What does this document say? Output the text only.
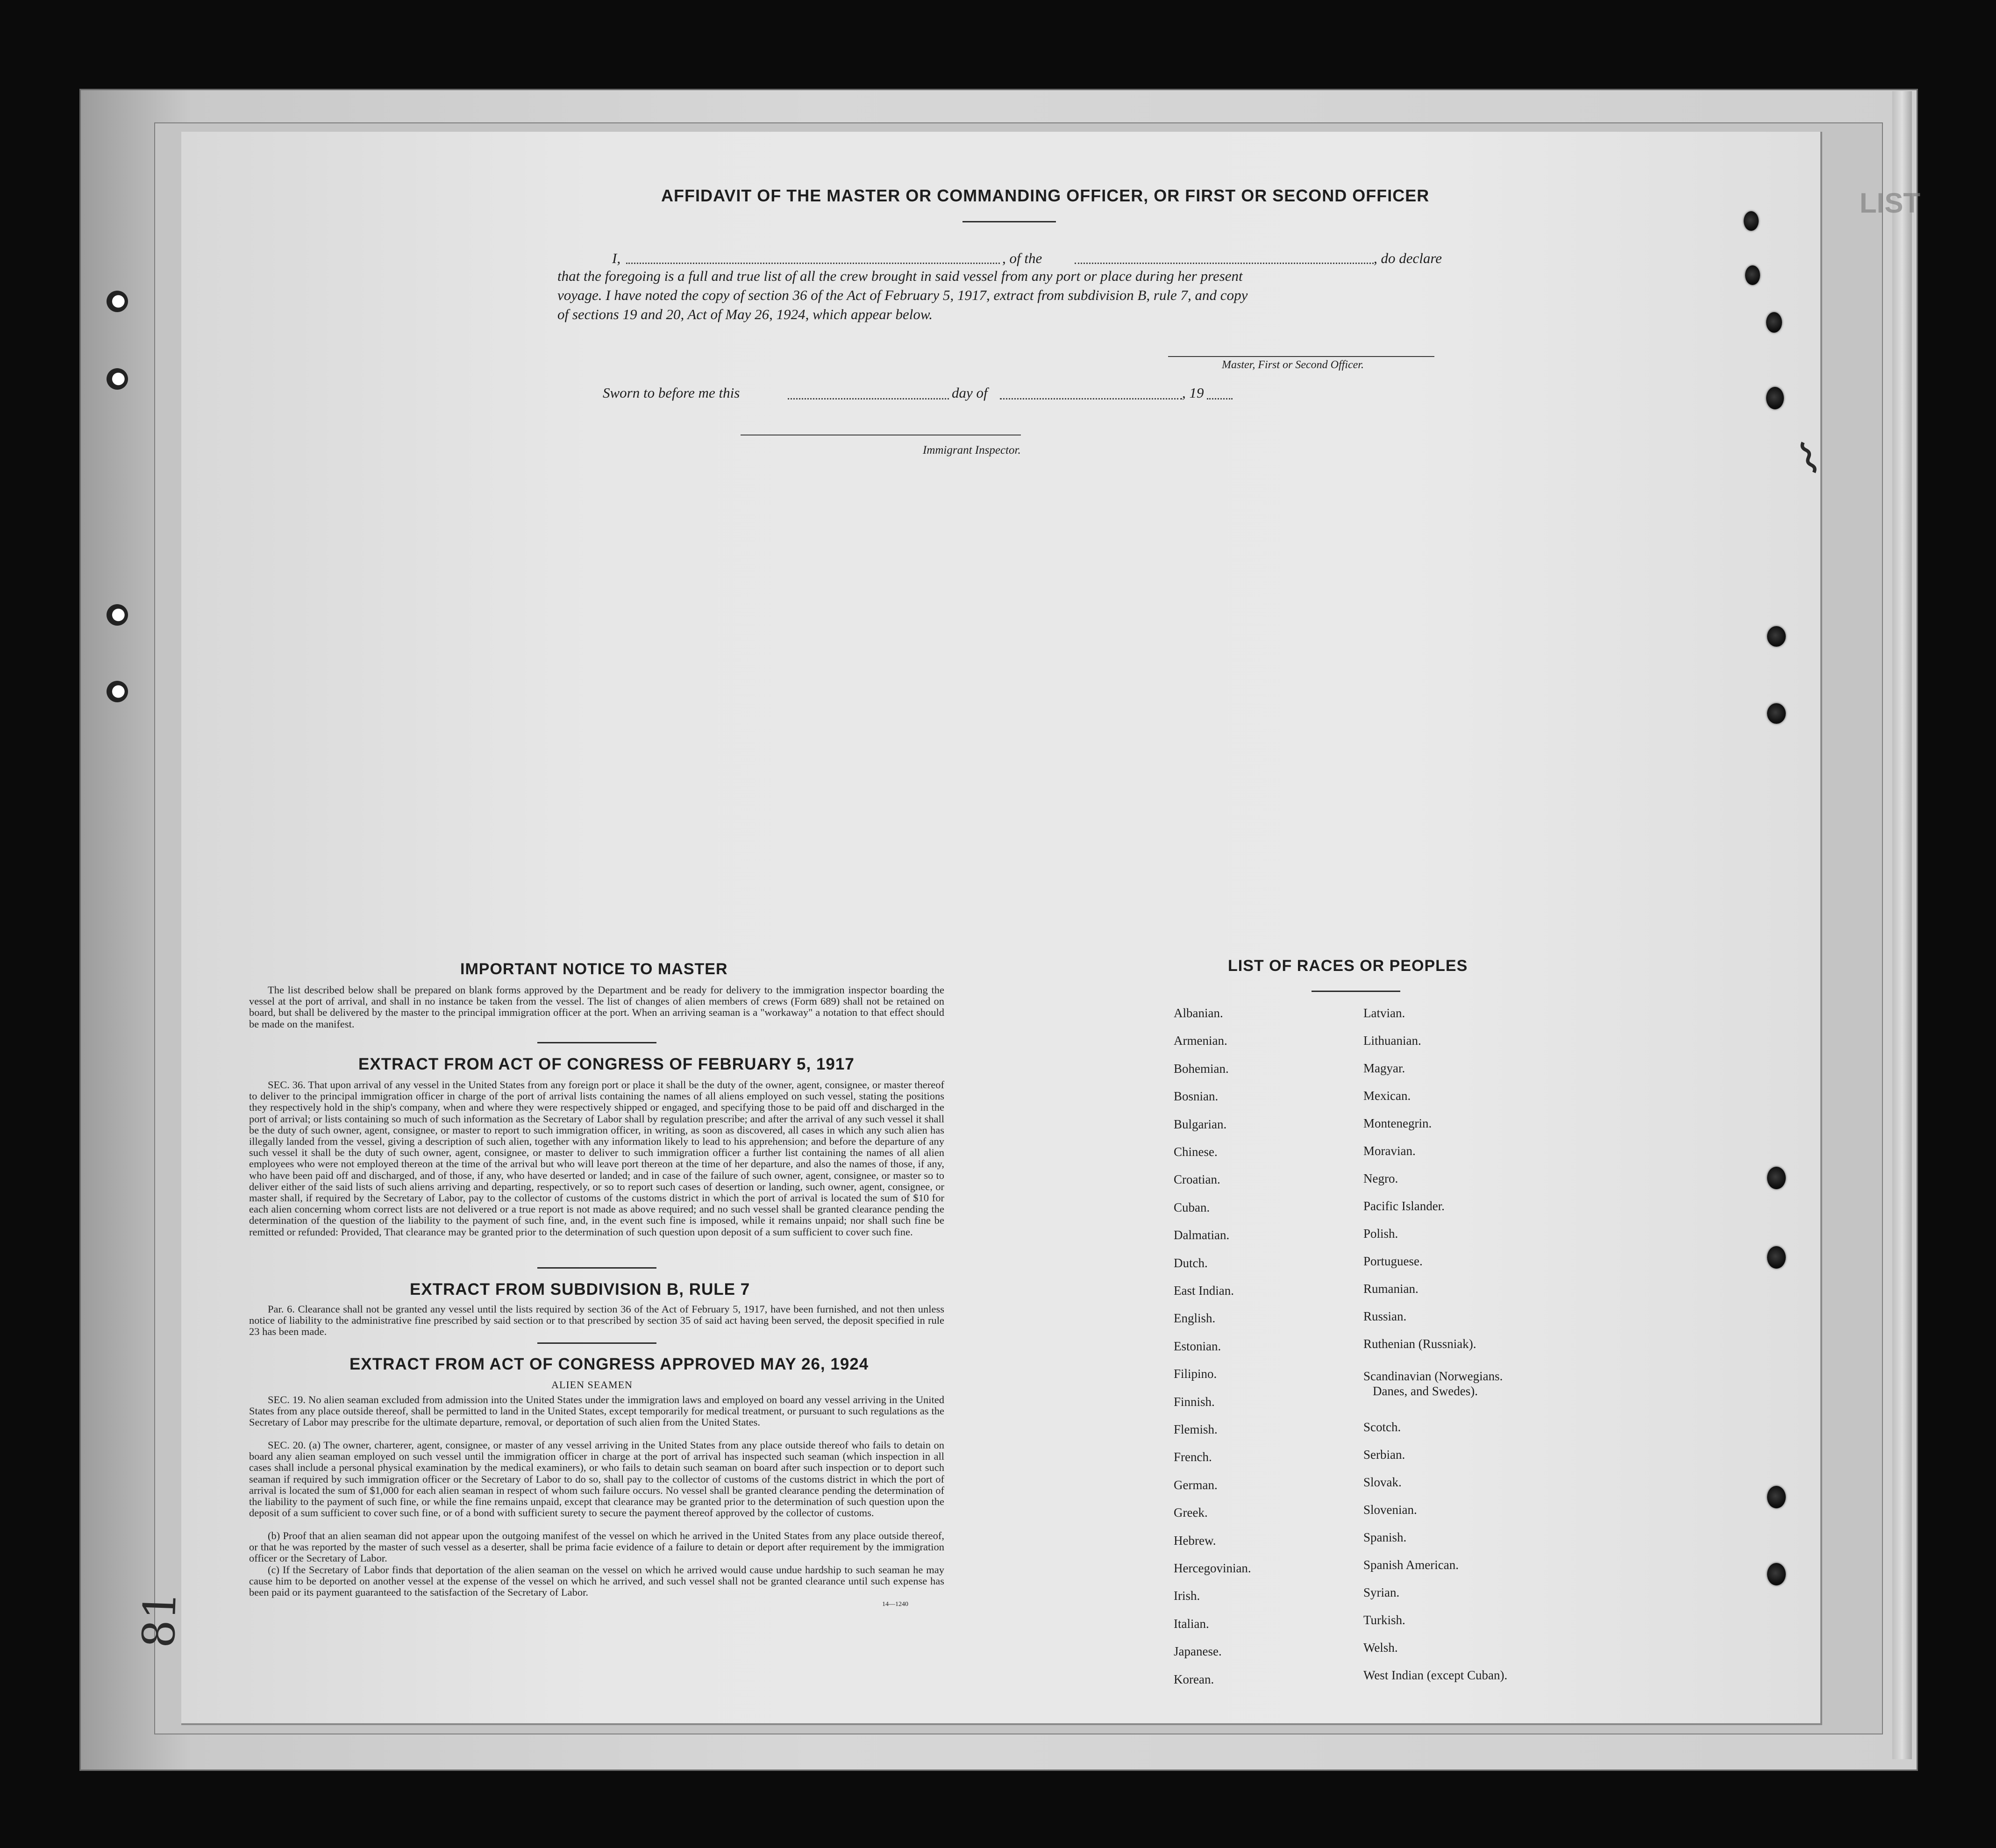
LIST
⌇
AFFIDAVIT OF THE MASTER OR COMMANDING OFFICER, OR FIRST OR SECOND OFFICER
I,	, of the	, do declare
that the foregoing is a full and true list of all the crew brought in said vessel from any port or place during her present
voyage. I have noted the copy of section 36 of the Act of February 5, 1917, extract from subdivision B, rule 7, and copy
of sections 19 and 20, Act of May 26, 1924, which appear below.
Master, First or Second Officer.
Sworn to before me this	day of	, 19
Immigrant Inspector.
IMPORTANT NOTICE TO MASTER
The list described below shall be prepared on blank forms approved by the Department and be ready for delivery to the immigration inspector boarding the vessel at the port of arrival, and shall in no instance be taken from the vessel. The list of changes of alien members of crews (Form 689) shall not be retained on board, but shall be delivered by the master to the principal immigration officer at the port. When an arriving seaman is a "workaway" a notation to that effect should be made on the manifest.
EXTRACT FROM ACT OF CONGRESS OF FEBRUARY 5, 1917
SEC. 36. That upon arrival of any vessel in the United States from any foreign port or place it shall be the duty of the owner, agent, consignee, or master thereof to deliver to the principal immigration officer in charge of the port of arrival lists containing the names of all aliens employed on such vessel, stating the positions they respectively hold in the ship's company, when and where they were respectively shipped or engaged, and specifying those to be paid off and discharged in the port of arrival; or lists containing so much of such information as the Secretary of Labor shall by regulation prescribe; and after the arrival of any such vessel it shall be the duty of such owner, agent, consignee, or master to report to such immigration officer, in writing, as soon as discovered, all cases in which any such alien has illegally landed from the vessel, giving a description of such alien, together with any information likely to lead to his apprehension; and before the departure of any such vessel it shall be the duty of such owner, agent, consignee, or master to deliver to such immigration officer a further list containing the names of all alien employees who were not employed thereon at the time of the arrival but who will leave port thereon at the time of her departure, and also the names of those, if any, who have been paid off and discharged, and of those, if any, who have deserted or landed; and in case of the failure of such owner, agent, consignee, or master so to deliver either of the said lists of such aliens arriving and departing, respectively, or so to report such cases of desertion or landing, such owner, agent, consignee, or master shall, if required by the Secretary of Labor, pay to the collector of customs of the customs district in which the port of arrival is located the sum of $10 for each alien concerning whom correct lists are not delivered or a true report is not made as above required; and no such vessel shall be granted clearance pending the determination of the question of the liability to the payment of such fine, and, in the event such fine is imposed, while it remains unpaid; nor shall such fine be remitted or refunded: Provided, That clearance may be granted prior to the determination of such question upon deposit of a sum sufficient to cover such fine.
EXTRACT FROM SUBDIVISION B, RULE 7
Par. 6. Clearance shall not be granted any vessel until the lists required by section 36 of the Act of February 5, 1917, have been furnished, and not then unless notice of liability to the administrative fine prescribed by said section or to that prescribed by section 35 of said act having been served, the deposit specified in rule 23 has been made.
EXTRACT FROM ACT OF CONGRESS APPROVED MAY 26, 1924
ALIEN SEAMEN
SEC. 19. No alien seaman excluded from admission into the United States under the immigration laws and employed on board any vessel arriving in the United States from any place outside thereof, shall be permitted to land in the United States, except temporarily for medical treatment, or pursuant to such regulations as the Secretary of Labor may prescribe for the ultimate departure, removal, or deportation of such alien from the United States.
SEC. 20. (a) The owner, charterer, agent, consignee, or master of any vessel arriving in the United States from any place outside thereof who fails to detain on board any alien seaman employed on such vessel until the immigration officer in charge at the port of arrival has inspected such seaman (which inspection in all cases shall include a personal physical examination by the medical examiners), or who fails to detain such seaman on board after such inspection or to deport such seaman if required by such immigration officer or the Secretary of Labor to do so, shall pay to the collector of customs of the customs district in which the port of arrival is located the sum of $1,000 for each alien seaman in respect of whom such failure occurs. No vessel shall be granted clearance pending the determination of the liability to the payment of such fine, or while the fine remains unpaid, except that clearance may be granted prior to the determination of such question upon the deposit of a sum sufficient to cover such fine, or of a bond with sufficient surety to secure the payment thereof approved by the collector of customs.
(b) Proof that an alien seaman did not appear upon the outgoing manifest of the vessel on which he arrived in the United States from any place outside thereof, or that he was reported by the master of such vessel as a deserter, shall be prima facie evidence of a failure to detain or deport after requirement by the immigration officer or the Secretary of Labor.
(c) If the Secretary of Labor finds that deportation of the alien seaman on the vessel on which he arrived would cause undue hardship to such seaman he may cause him to be deported on another vessel at the expense of the vessel on which he arrived, and such vessel shall not be granted clearance until such expense has been paid or its payment guaranteed to the satisfaction of the Secretary of Labor.
14—1240
LIST OF RACES OR PEOPLES
Albanian.
Armenian.
Bohemian.
Bosnian.
Bulgarian.
Chinese.
Croatian.
Cuban.
Dalmatian.
Dutch.
East Indian.
English.
Estonian.
Filipino.
Finnish.
Flemish.
French.
German.
Greek.
Hebrew.
Hercegovinian.
Irish.
Italian.
Japanese.
Korean.
Latvian.
Lithuanian.
Magyar.
Mexican.
Montenegrin.
Moravian.
Negro.
Pacific Islander.
Polish.
Portuguese.
Rumanian.
Russian.
Ruthenian (Russniak).
Scandinavian (Norwegians.
Danes, and Swedes).
Scotch.
Serbian.
Slovak.
Slovenian.
Spanish.
Spanish American.
Syrian.
Turkish.
Welsh.
West Indian (except Cuban).
81
